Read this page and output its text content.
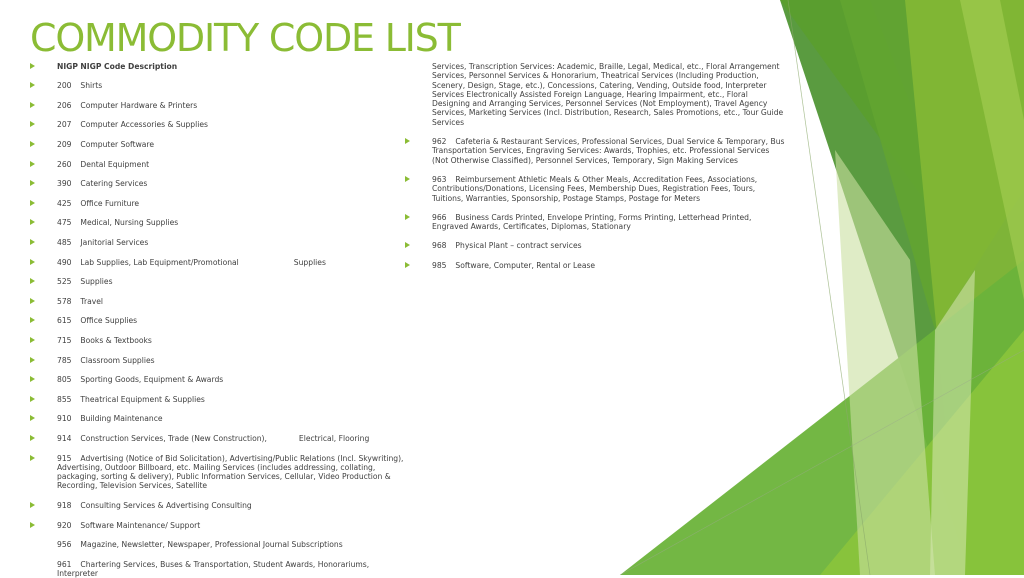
COMMODITY CODE LIST
NIGP NIGP Code Description
200 Shirts
206 Computer Hardware & Printers
207 Computer Accessories & Supplies
209 Computer Software
260 Dental Equipment
390 Catering Services
425 Office Furniture
475 Medical, Nursing Supplies
485 Janitorial Services
490 Lab Supplies, Lab Equipment/Promotional	Supplies
525 Supplies
578 Travel
615 Office Supplies
715 Books & Textbooks
785 Classroom Supplies
805 Sporting Goods, Equipment & Awards
855 Theatrical Equipment & Supplies
910 Building Maintenance
914 Construction Services, Trade (New Construction),	Electrical, Flooring
915 Advertising (Notice of Bid Solicitation), Advertising/Public Relations (Incl. Skywriting), Advertising, Outdoor Billboard, etc. Mailing Services (includes addressing, collating, packaging, sorting & delivery), Public Information Services, Cellular, Video Production & Recording, Television Services, Satellite
918 Consulting Services & Advertising Consulting
920 Software Maintenance/ Support
956 Magazine, Newsletter, Newspaper, Professional Journal Subscriptions
961 Chartering Services, Buses & Transportation, Student Awards, Honorariums, Interpreter
Services, Transcription Services: Academic, Braille, Legal, Medical, etc., Floral Arrangement Services, Personnel Services & Honorarium, Theatrical Services (Including Production, Scenery, Design, Stage, etc.), Concessions, Catering, Vending, Outside food, Interpreter Services Electronically Assisted Foreign Language, Hearing Impairment, etc., Floral Designing and Arranging Services, Personnel Services (Not Employment), Travel Agency Services, Marketing Services (Incl. Distribution, Research, Sales Promotions, etc., Tour Guide Services
962 Cafeteria & Restaurant Services, Professional Services, Dual Service & Temporary, Bus Transportation Services, Engraving Services: Awards, Trophies, etc. Professional Services (Not Otherwise Classified), Personnel Services, Temporary, Sign Making Services
963 Reimbursement Athletic Meals & Other Meals, Accreditation Fees, Associations, Contributions/Donations, Licensing Fees, Membership Dues, Registration Fees, Tours, Tuitions, Warranties, Sponsorship, Postage Stamps, Postage for Meters
966 Business Cards Printed, Envelope Printing, Forms Printing, Letterhead Printed, Engraved Awards, Certificates, Diplomas, Stationary
968 Physical Plant – contract services
985 Software, Computer, Rental or Lease
